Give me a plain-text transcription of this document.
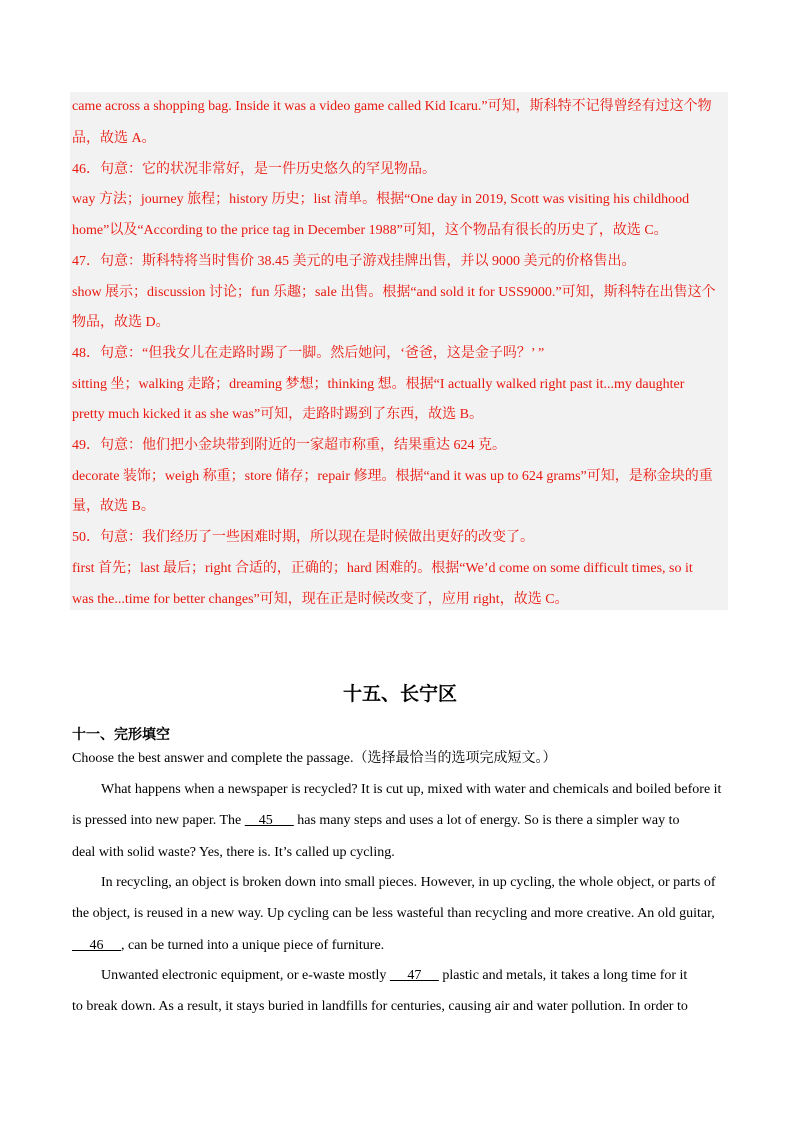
came across a shopping bag. Inside it was a video game called Kid Icaru.”可知，斯科特不记得曾经有过这个物
品，故选 A。
46．句意：它的状况非常好，是一件历史悠久的罕见物品。
way 方法；journey 旅程；history 历史；list 清单。根据“One day in 2019, Scott was visiting his childhood
home”以及“According to the price tag in December 1988”可知，这个物品有很长的历史了，故选 C。
47．句意：斯科特将当时售价 38.45 美元的电子游戏挂牌出售，并以 9000 美元的价格售出。
show 展示；discussion 讨论；fun 乐趣；sale 出售。根据“and sold it for USS9000.”可知，斯科特在出售这个
物品，故选 D。
48．句意：“但我女儿在走路时踢了一脚。然后她问，‘爸爸，这是金子吗？’ ”
sitting 坐；walking 走路；dreaming 梦想；thinking 想。根据“I actually walked right past it...my daughter
pretty much kicked it as she was”可知，走路时踢到了东西，故选 B。
49．句意：他们把小金块带到附近的一家超市称重，结果重达 624 克。
decorate 装饰；weigh 称重；store 储存；repair 修理。根据“and it was up to 624 grams”可知，是称金块的重
量，故选 B。
50．句意：我们经历了一些困难时期，所以现在是时候做出更好的改变了。
first 首先；last 最后；right 合适的，正确的；hard 困难的。根据“We’d come on some difficult times, so it
was the...time for better changes”可知，现在正是时候改变了，应用 right，故选 C。
十五、长宁区
十一、完形填空
Choose the best answer and complete the passage.（选择最恰当的选项完成短文。）
What happens when a newspaper is recycled? It is cut up, mixed with water and chemicals and boiled before it
is pressed into new paper. The     45       has many steps and uses a lot of energy. So is there a simpler way to
deal with solid waste? Yes, there is. It’s called up cycling.
In recycling, an object is broken down into small pieces. However, in up cycling, the whole object, or parts of
the object, is reused in a new way. Up cycling can be less wasteful than recycling and more creative. An old guitar,
46     , can be turned into a unique piece of furniture.
Unwanted electronic equipment, or e-waste mostly      47      plastic and metals, it takes a long time for it
to break down. As a result, it stays buried in landfills for centuries, causing air and water pollution. In order to
